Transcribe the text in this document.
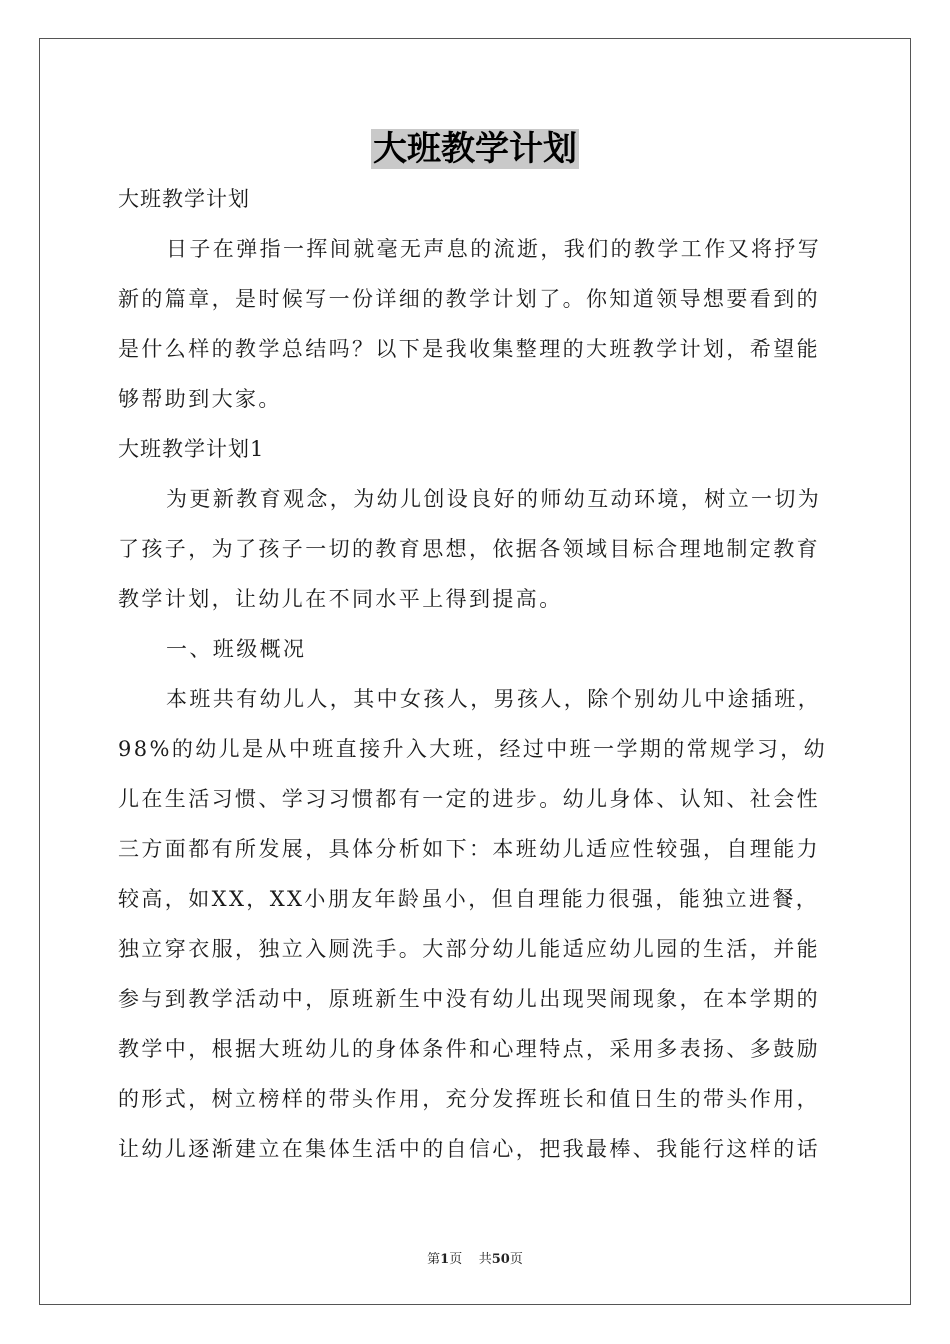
大班教学计划

大班教学计划

日子在弹指一挥间就毫无声息的流逝，我们的教学工作又将抒写新的篇章，是时候写一份详细的教学计划了。你知道领导想要看到的是什么样的教学总结吗？以下是我收集整理的大班教学计划，希望能够帮助到大家。

大班教学计划1

为更新教育观念，为幼儿创设良好的师幼互动环境，树立一切为了孩子，为了孩子一切的教育思想，依据各领域目标合理地制定教育教学计划，让幼儿在不同水平上得到提高。

一、班级概况

本班共有幼儿人，其中女孩人，男孩人，除个别幼儿中途插班，98%的幼儿是从中班直接升入大班，经过中班一学期的常规学习，幼儿在生活习惯、学习习惯都有一定的进步。幼儿身体、认知、社会性三方面都有所发展，具体分析如下：本班幼儿适应性较强，自理能力较高，如XX，XX小朋友年龄虽小，但自理能力很强，能独立进餐，独立穿衣服，独立入厕洗手。大部分幼儿能适应幼儿园的生活，并能参与到教学活动中，原班新生中没有幼儿出现哭闹现象，在本学期的教学中，根据大班幼儿的身体条件和心理特点，采用多表扬、多鼓励的形式，树立榜样的带头作用，充分发挥班长和值日生的带头作用，让幼儿逐渐建立在集体生活中的自信心，把我最棒、我能行这样的话

第1页 共50页
